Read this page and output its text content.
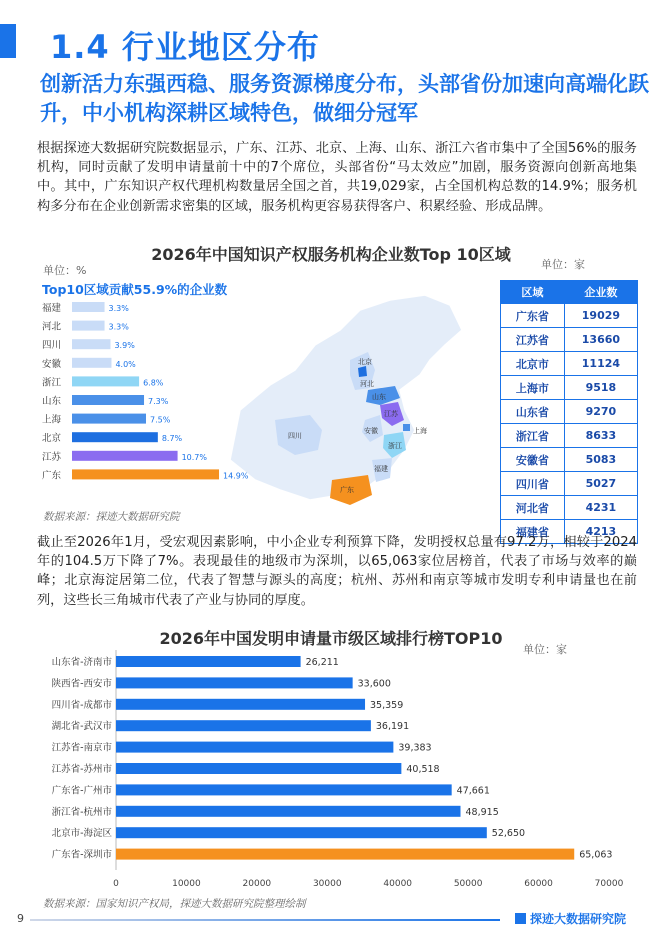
1.4 行业地区分布
创新活力东强西稳、服务资源梯度分布，头部省份加速向高端化跃升，中小机构深耕区域特色，做细分冠军
根据探迹大数据研究院数据显示，广东、江苏、北京、上海、山东、浙江六省市集中了全国56%的服务机构，同时贡献了发明申请量前十中的7个席位，头部省份“马太效应”加剧，服务资源向创新高地集中。其中，广东知识产权代理机构数量居全国之首，共19,029家，占全国机构总数的14.9%；服务机构多分布在企业创新需求密集的区域，服务机构更容易获得客户、积累经验、形成品牌。
2026年中国知识产权服务机构企业数Top 10区域
单位：%	单位：家
Top10区域贡献55.9%的企业数
北京
河北
山东
江苏
上海
安徽
浙江
四川
福建
广东
福建	3.3%
河北	3.3%
四川	3.9%
安徽	4.0%
浙江	6.8%
山东	7.3%
上海	7.5%
北京	8.7%
江苏	10.7%
广东	14.9%
数据来源：探迹大数据研究院
区域	企业数
广东省	19029
江苏省	13660
北京市	11124
上海市	9518
山东省	9270
浙江省	8633
安徽省	5083
四川省	5027
河北省	4231
福建省	4213
截止至2026年1月，受宏观因素影响，中小企业专利预算下降，发明授权总量有97.2万，相较于2024年的104.5万下降了7%。表现最佳的地级市为深圳，以65,063家位居榜首，代表了市场与效率的巅峰；北京海淀居第二位，代表了智慧与源头的高度；杭州、苏州和南京等城市发明专利申请量也在前列，这些长三角城市代表了产业与协同的厚度。
2026年中国发明申请量市级区域排行榜TOP10
单位：家
山东省-济南市	26,211
陕西省-西安市	33,600
四川省-成都市	35,359
湖北省-武汉市	36,191
江苏省-南京市	39,383
江苏省-苏州市	40,518
广东省-广州市	47,661
浙江省-杭州市	48,915
北京市-海淀区	52,650
广东省-深圳市	65,063
0	10000	20000	30000	40000	50000	60000	70000
数据来源：国家知识产权局，探迹大数据研究院整理绘制
9	探迹大数据研究院
